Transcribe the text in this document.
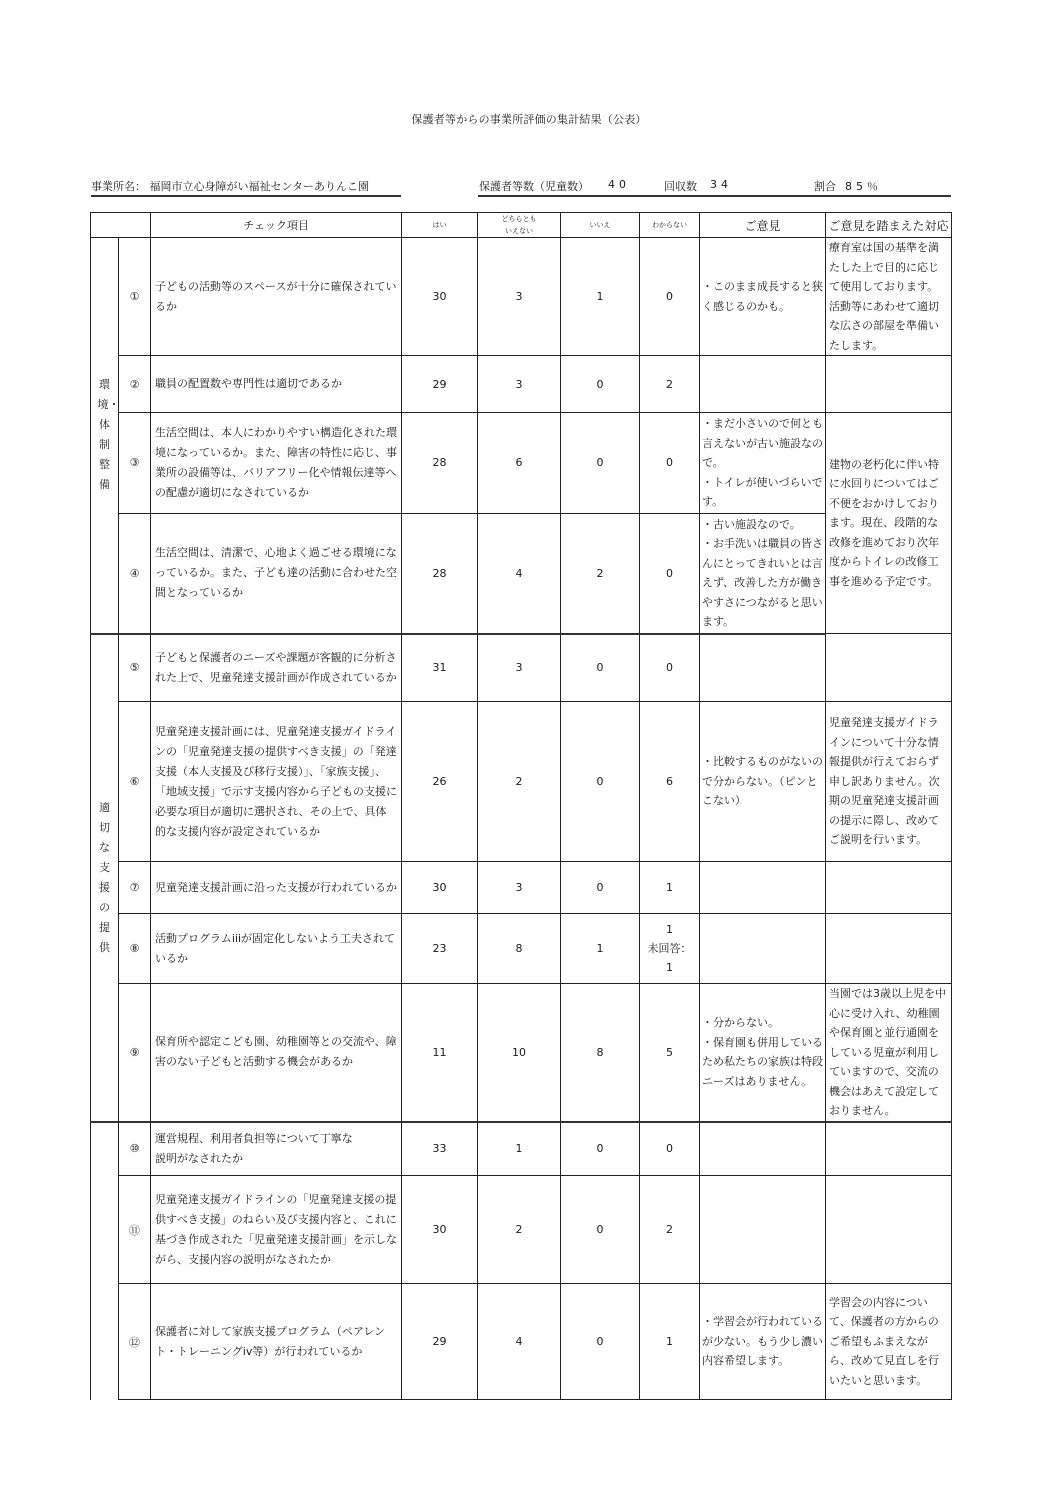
保護者等からの事業所評価の集計結果（公表）
事業所名： 福岡市立心身障がい福祉センターありんこ園	保護者等数（児童数） 40	回収数 34	割合 85％
		チェック項目	はい	どちらとも
いえない	いいえ	わからない	ご意見	ご意見を踏まえた対応
環境・体制整備	①	子どもの活動等のスペースが十分に確保されているか	30	3	1	0	・このまま成長すると狭く感じるのかも。	療育室は国の基準を満たした上で目的に応じて使用しております。活動等にあわせて適切な広さの部屋を準備いたします。
	②	職員の配置数や専門性は適切であるか	29	3	0	2		
	③	生活空間は、本人にわかりやすい構造化された環境になっているか。また、障害の特性に応じ、事業所の設備等は、バリアフリー化や情報伝達等への配慮が適切になされているか	28	6	0	0	・まだ小さいので何とも言えないが古い施設なので。
・トイレが使いづらいです。	建物の老朽化に伴い特に水回りについてはご不便をおかけしております。現在、段階的な改修を進めており次年度からトイレの改修工事を進める予定です。
	④	生活空間は、清潔で、心地よく過ごせる環境になっているか。また、子ども達の活動に合わせた空間となっているか	28	4	2	0	・古い施設なので。
・お手洗いは職員の皆さんにとってきれいとは言えず、改善した方が働きやすさにつながると思います。	
適切な支援の提供	⑤	子どもと保護者のニーズや課題が客観的に分析された上で、児童発達支援計画が作成されているか	31	3	0	0		
	⑥	児童発達支援計画には、児童発達支援ガイドラインの「児童発達支援の提供すべき支援」の「発達支援（本人支援及び移行支援）」、「家族支援」、「地域支援」で示す支援内容から子どもの支援に必要な項目が適切に選択され、その上で、具体的な支援内容が設定されているか	26	2	0	6	・比較するものがないので分からない。（ピンとこない）	児童発達支援ガイドラインについて十分な情報提供が行えておらず申し訳ありません。次期の児童発達支援計画の提示に際し、改めてご説明を行います。
	⑦	児童発達支援計画に沿った支援が行われているか	30	3	0	1		
	⑧	活動プログラムiiiが固定化しないよう工夫されているか	23	8	1	1
未回答：
1		
	⑨	保育所や認定こども園、幼稚園等との交流や、障害のない子どもと活動する機会があるか	11	10	8	5	・分からない。
・保育園も併用しているため私たちの家族は特段ニーズはありません。	当園では3歳以上児を中心に受け入れ、幼稚園や保育園と並行通園をしている児童が利用していますので、交流の機会はあえて設定しておりません。
	⑩	運営規程、利用者負担等について丁寧な
説明がなされたか	33	1	0	0		
	⑪	児童発達支援ガイドラインの「児童発達支援の提供すべき支援」のねらい及び支援内容と、これに基づき作成された「児童発達支援計画」を示しながら、支援内容の説明がなされたか	30	2	0	2		
	⑫	保護者に対して家族支援プログラム（ペアレント・トレーニングiv等）が行われているか	29	4	0	1	・学習会が行われているが少ない。もう少し濃い内容希望します。	学習会の内容について、保護者の方からのご希望もふまえながら、改めて見直しを行いたいと思います。
